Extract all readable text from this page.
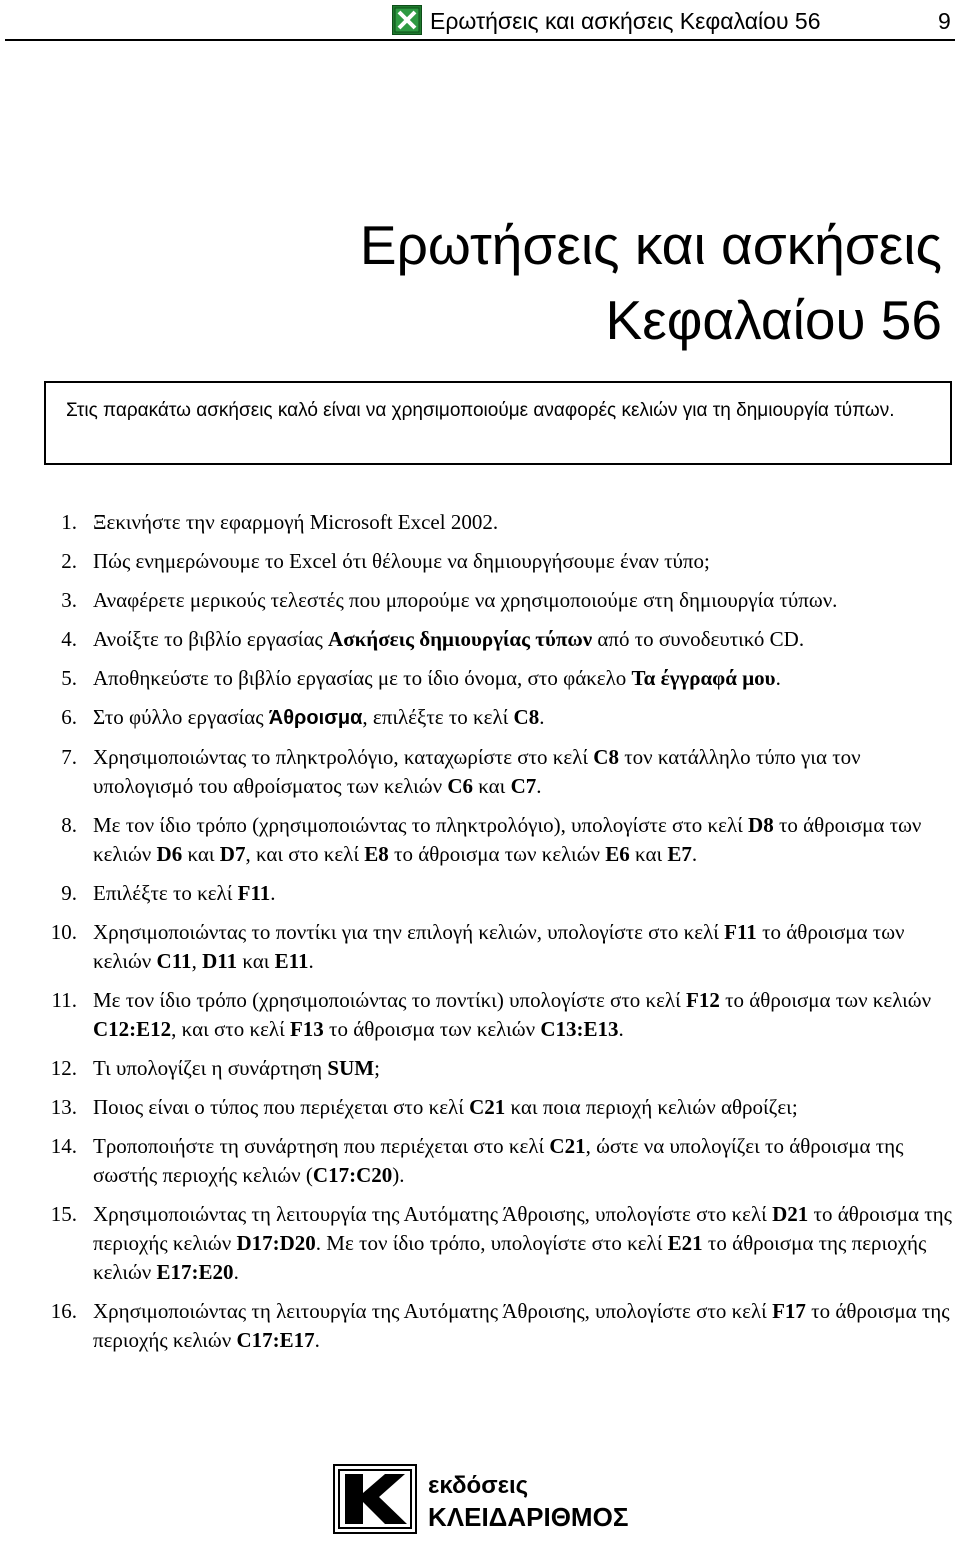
Ερωτήσεις και ασκήσεις Κεφαλαίου 56	9
Ερωτήσεις και ασκήσεις
Κεφαλαίου 56
Στις παρακάτω ασκήσεις καλό είναι να χρησιμοποιούμε αναφορές κελιών για τη δημιουργία τύπων.
1. Ξεκινήστε την εφαρμογή Microsoft Excel 2002.
2. Πώς ενημερώνουμε το Excel ότι θέλουμε να δημιουργήσουμε έναν τύπο;
3. Αναφέρετε μερικούς τελεστές που μπορούμε να χρησιμοποιούμε στη δημιουργία τύπων.
4. Ανοίξτε το βιβλίο εργασίας Ασκήσεις δημιουργίας τύπων από το συνοδευτικό CD.
5. Αποθηκεύστε το βιβλίο εργασίας με το ίδιο όνομα, στο φάκελο Τα έγγραφά μου.
6. Στο φύλλο εργασίας Άθροισμα, επιλέξτε το κελί C8.
7. Χρησιμοποιώντας το πληκτρολόγιο, καταχωρίστε στο κελί C8 τον κατάλληλο τύπο για τον υπολογισμό του αθροίσματος των κελιών C6 και C7.
8. Με τον ίδιο τρόπο (χρησιμοποιώντας το πληκτρολόγιο), υπολογίστε στο κελί D8 το άθροισμα των κελιών D6 και D7, και στο κελί E8 το άθροισμα των κελιών E6 και E7.
9. Επιλέξτε το κελί F11.
10. Χρησιμοποιώντας το ποντίκι για την επιλογή κελιών, υπολογίστε στο κελί F11 το άθροισμα των κελιών C11, D11 και E11.
11. Με τον ίδιο τρόπο (χρησιμοποιώντας το ποντίκι) υπολογίστε στο κελί F12 το άθροισμα των κελιών C12:E12, και στο κελί F13 το άθροισμα των κελιών C13:E13.
12. Τι υπολογίζει η συνάρτηση SUM;
13. Ποιος είναι ο τύπος που περιέχεται στο κελί C21 και ποια περιοχή κελιών αθροίζει;
14. Τροποποιήστε τη συνάρτηση που περιέχεται στο κελί C21, ώστε να υπολογίζει το άθροισμα της σωστής περιοχής κελιών (C17:C20).
15. Χρησιμοποιώντας τη λειτουργία της Αυτόματης Άθροισης, υπολογίστε στο κελί D21 το άθροισμα της περιοχής κελιών D17:D20. Με τον ίδιο τρόπο, υπολογίστε στο κελί E21 το άθροισμα της περιοχής κελιών E17:E20.
16. Χρησιμοποιώντας τη λειτουργία της Αυτόματης Άθροισης, υπολογίστε στο κελί F17 το άθροισμα της περιοχής κελιών C17:E17.
εκδόσεις
ΚΛΕΙΔΑΡΙΘΜΟΣ
